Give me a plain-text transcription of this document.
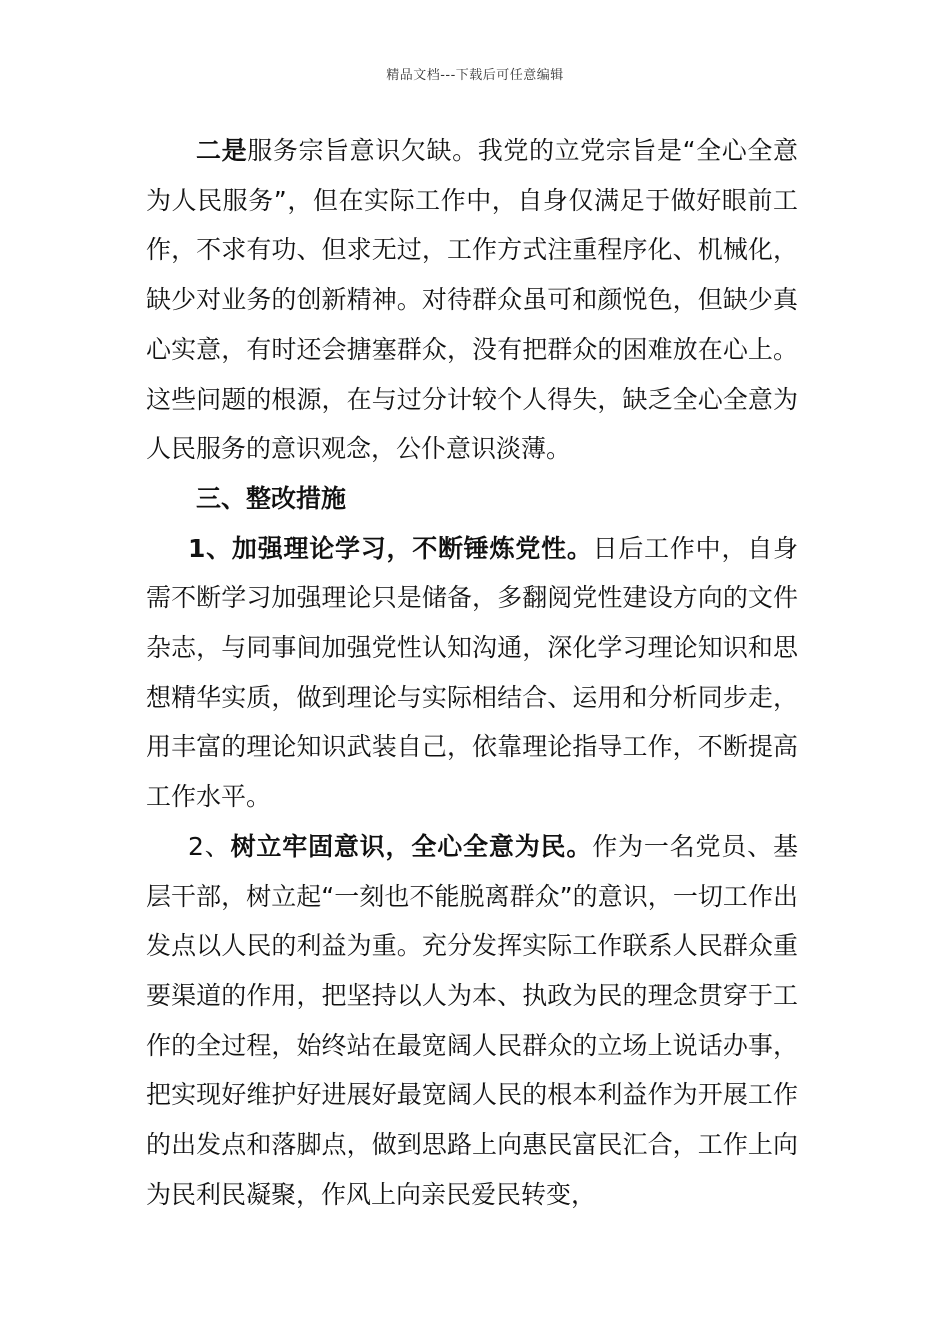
精品文档---下载后可任意编辑

二是服务宗旨意识欠缺。我党的立党宗旨是“全心全意为人民服务”，但在实际工作中，自身仅满足于做好眼前工作，不求有功、但求无过，工作方式注重程序化、机械化，缺少对业务的创新精神。对待群众虽可和颜悦色，但缺少真心实意，有时还会搪塞群众，没有把群众的困难放在心上。这些问题的根源，在与过分计较个人得失，缺乏全心全意为人民服务的意识观念，公仆意识淡薄。

三、整改措施

1、加强理论学习，不断锤炼党性。日后工作中，自身需不断学习加强理论只是储备，多翻阅党性建设方向的文件杂志，与同事间加强党性认知沟通，深化学习理论知识和思想精华实质，做到理论与实际相结合、运用和分析同步走，用丰富的理论知识武装自己，依靠理论指导工作，不断提高工作水平。

2、树立牢固意识，全心全意为民。作为一名党员、基层干部，树立起“一刻也不能脱离群众”的意识，一切工作出发点以人民的利益为重。充分发挥实际工作联系人民群众重要渠道的作用，把坚持以人为本、执政为民的理念贯穿于工作的全过程，始终站在最宽阔人民群众的立场上说话办事，把实现好维护好进展好最宽阔人民的根本利益作为开展工作的出发点和落脚点，做到思路上向惠民富民汇合，工作上向为民利民凝聚，作风上向亲民爱民转变，
